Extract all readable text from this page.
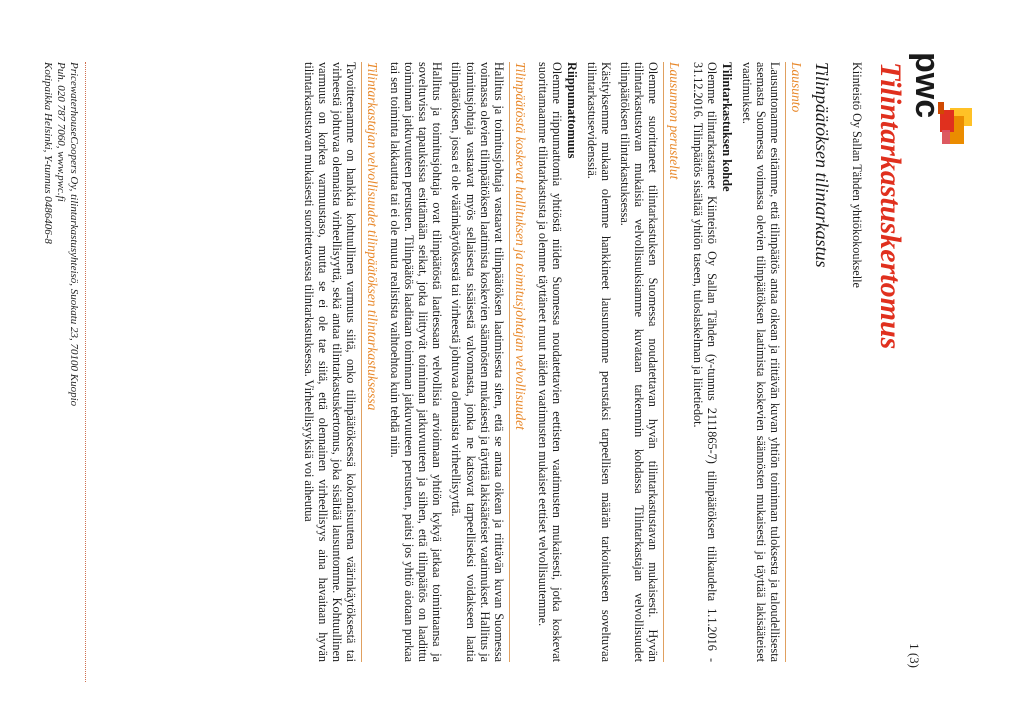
pwc
1 (3)
Tilintarkastuskertomus
Kiinteistö Oy Sallan Tähden yhtiökokoukselle
Tilinpäätöksen tilintarkastus
Lausunto

Lausuntonamme esitämme, että tilinpäätös antaa oikean ja riittävän kuvan yhtiön toiminnan tuloksesta ja taloudellisesta asemasta Suomessa voimassa olevien tilinpäätöksen laatimista koskevien säännösten mukaisesti ja täyttää lakisääteiset vaatimukset.

Tilintarkastuksen kohde

Olemme tilintarkastaneet Kiinteistö Oy Sallan Tähden (y-tunnus 2111865-7) tilinpäätöksen tilikaudelta 1.1.2016 - 31.12.2016. Tilinpäätös sisältää yhtiön taseen, tuloslaskelman ja liitetiedot.

Lausunnon perustelut

Olemme suorittaneet tilintarkastuksen Suomessa noudatettavan hyvän tilintarkastustavan mukaisesti. Hyvän tilintarkastustavan mukaisia velvollisuuksiamme kuvataan tarkemmin kohdassa Tilintarkastajan velvollisuudet tilinpäätöksen tilintarkastuksessa.

Käsityksemme mukaan olemme hankkineet lausuntomme perustaksi tarpeellisen määrän tarkoitukseen soveltuvaa tilintarkastusevidenssiä.

Riippumattomuus

Olemme riippumattomia yhtiöstä niiden Suomessa noudatettavien eettisten vaatimusten mukaisesti, jotka koskevat suorittamaamme tilintarkastusta ja olemme täyttäneet muut näiden vaatimusten mukaiset eettiset velvollisuutemme.

Tilinpäätöstä koskevat hallituksen ja toimitusjohtajan velvollisuudet

Hallitus ja toimitusjohtaja vastaavat tilinpäätöksen laatimisesta siten, että se antaa oikean ja riittävän kuvan Suomessa voimassa olevien tilinpäätöksen laatimista koskevien säännösten mukaisesti ja täyttää lakisääteiset vaatimukset. Hallitus ja toimitusjohtaja vastaavat myös sellaisesta sisäisestä valvonnasta, jonka ne katsovat tarpeelliseksi voidakseen laatia tilinpäätöksen, jossa ei ole väärinkäytöksestä tai virheestä johtuvaa olennaista virheellisyyttä.

Hallitus ja toimitusjohtaja ovat tilinpäätöstä laatiessaan velvollisia arvioimaan yhtiön kykyä jatkaa toimintaansa ja soveltuvissa tapauksissa esittämään seikat, jotka liittyvät toiminnan jatkuvuuteen ja siihen, että tilinpäätös on laadittu toiminnan jatkuvuuteen perustuen. Tilinpäätös laaditaan toiminnan jatkuvuuteen perustuen, paitsi jos yhtiö aiotaan purkaa tai sen toiminta lakkauttaa tai ei ole muuta realistista vaihtoehtoa kuin tehdä niin.

Tilintarkastajan velvollisuudet tilinpäätöksen tilintarkastuksessa

Tavoitteenamme on hankkia kohtuullinen varmuus siitä, onko tilinpäätöksessä kokonaisuutena väärinkäytöksestä tai virheestä johtuvaa olennaista virheellisyyttä, sekä antaa tilintarkastuskertomus, joka sisältää lausuntomme. Kohtuullinen varmuus on korkea varmuustaso, mutta se ei ole tae siitä, että olennainen virheellisyys aina havaitaan hyvän tilintarkastustavan mukaisesti suoritettavassa tilintarkastuksessa. Virheellisyyksiä voi aiheutua

PricewaterhouseCoopers Oy, tilintarkastusyhteisö, Suokatu 23, 70100 Kuopio
Puh. 020 787 7060, www.pwc.fi
Kotipaikka Helsinki, Y-tunnus 0486406-8
